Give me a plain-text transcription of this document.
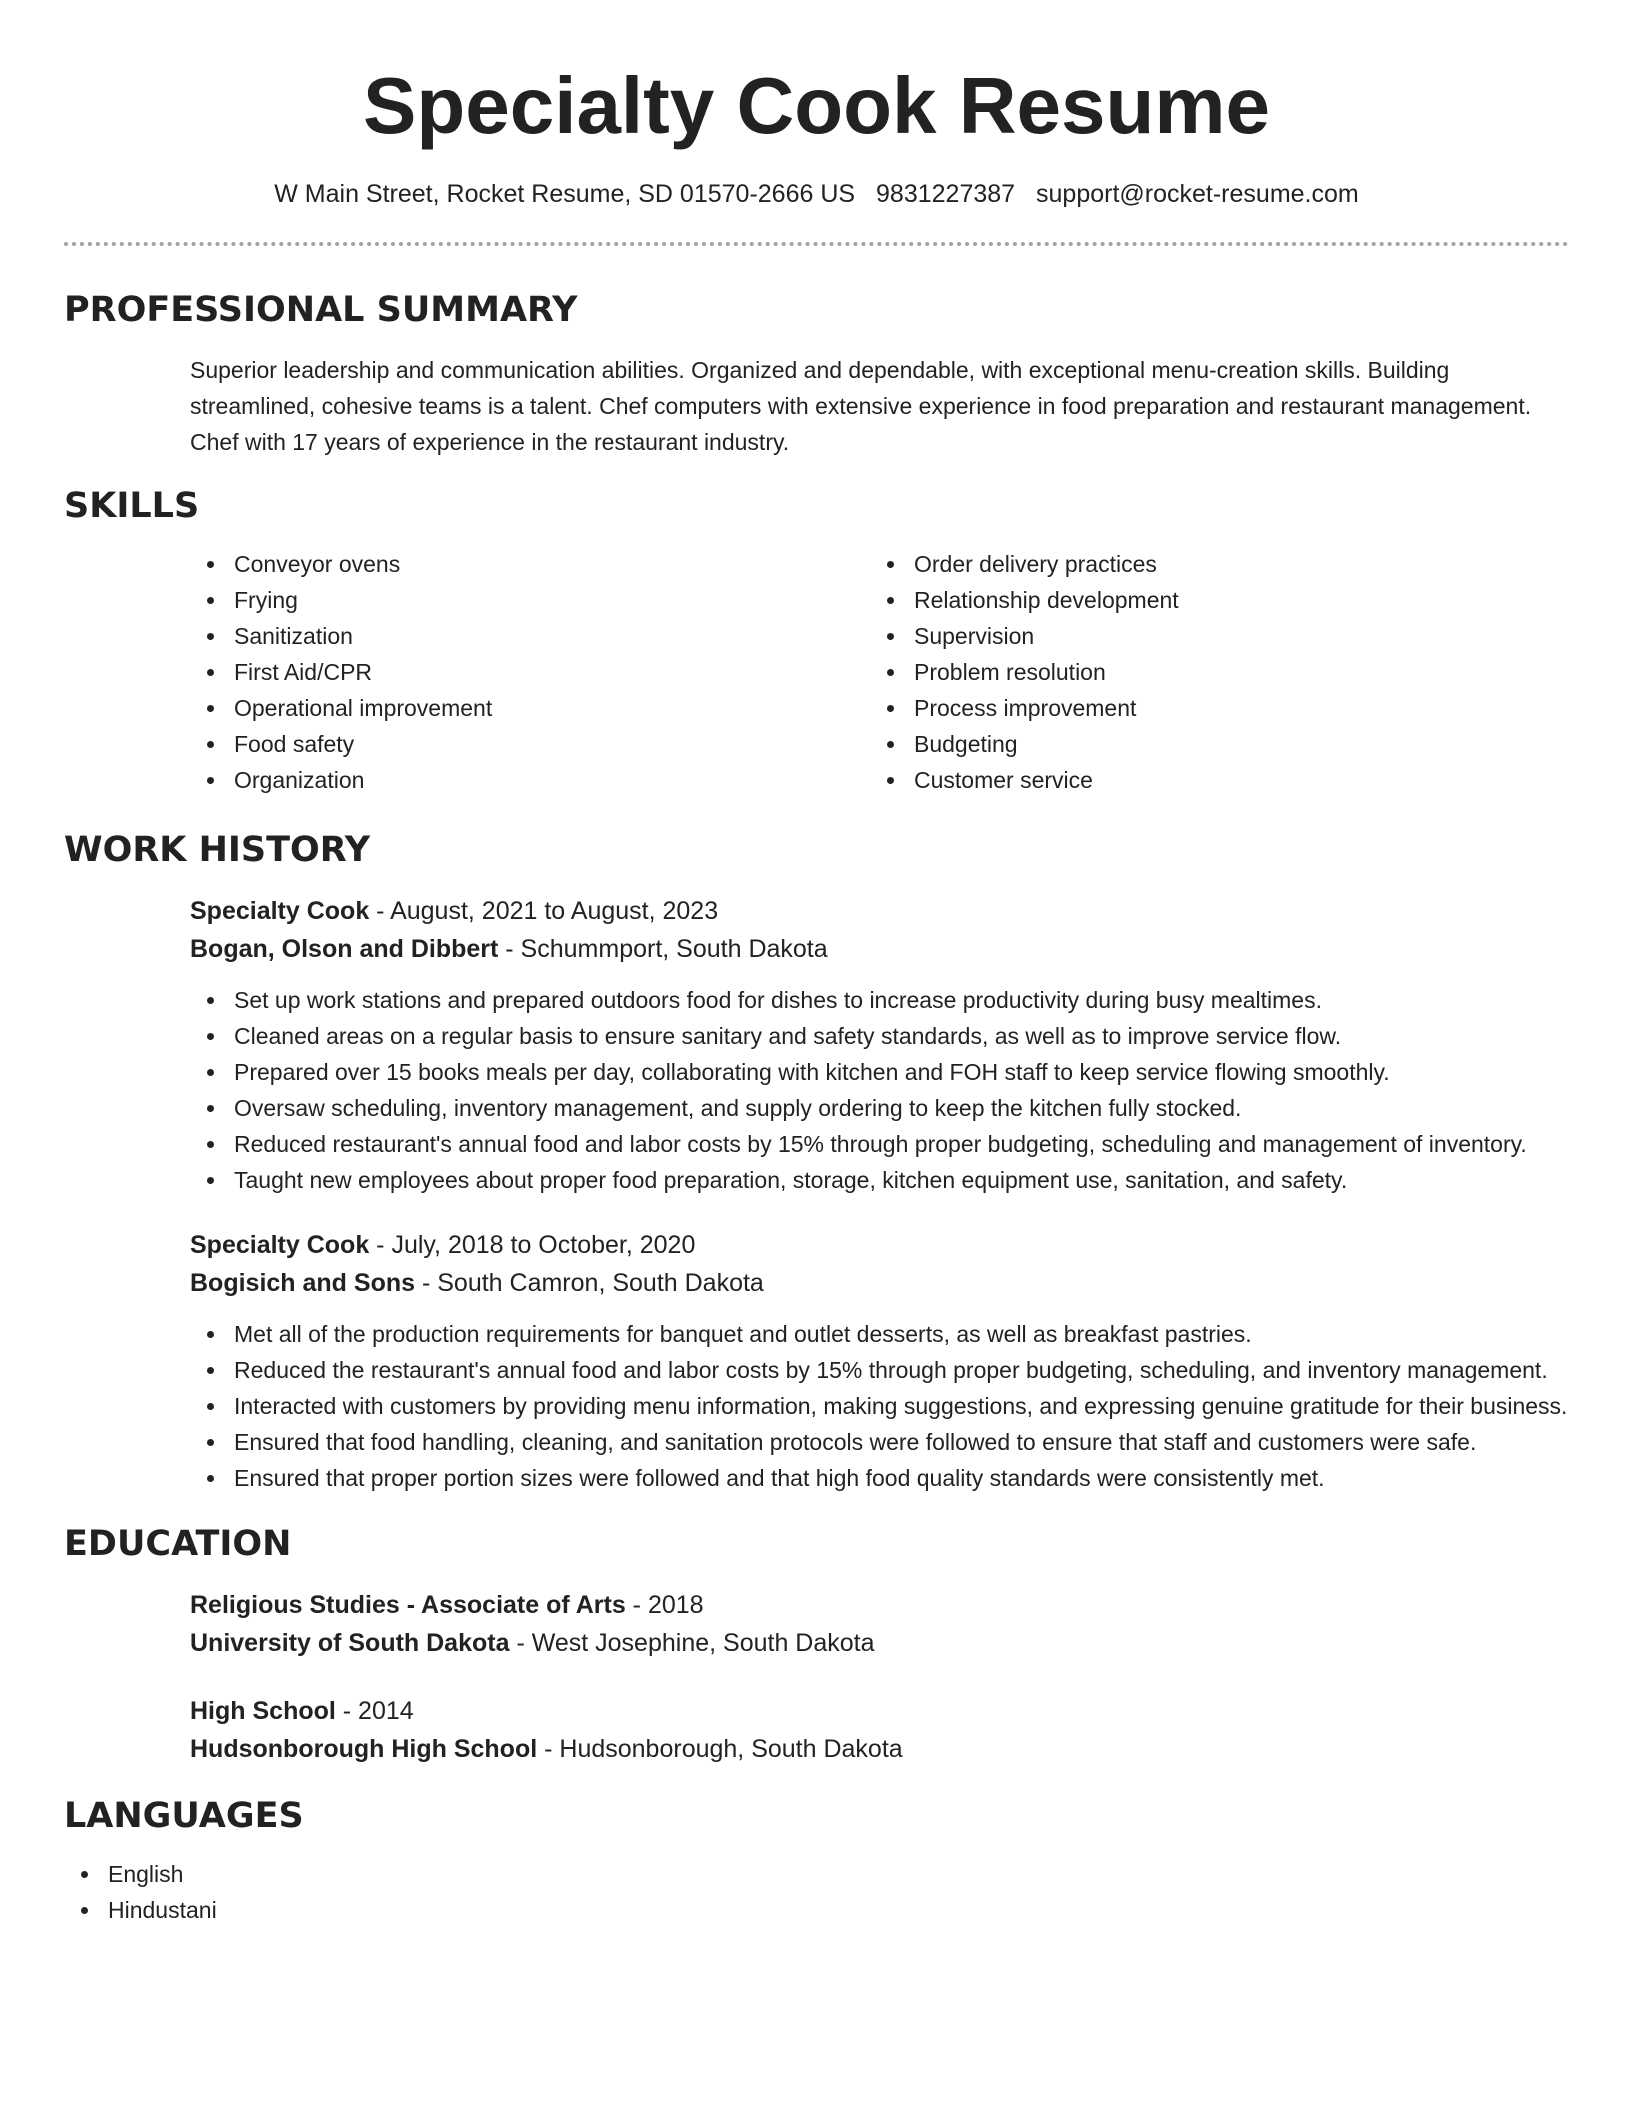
Specialty Cook Resume
W Main Street, Rocket Resume, SD 01570-2666 US 9831227387 support@rocket-resume.com
PROFESSIONAL SUMMARY
Superior leadership and communication abilities. Organized and dependable, with exceptional menu-creation skills. Building streamlined, cohesive teams is a talent. Chef computers with extensive experience in food preparation and restaurant management. Chef with 17 years of experience in the restaurant industry.
SKILLS
Conveyor ovens
Frying
Sanitization
First Aid/CPR
Operational improvement
Food safety
Organization
Order delivery practices
Relationship development
Supervision
Problem resolution
Process improvement
Budgeting
Customer service
WORK HISTORY
Specialty Cook - August, 2021 to August, 2023
Bogan, Olson and Dibbert - Schummport, South Dakota
Set up work stations and prepared outdoors food for dishes to increase productivity during busy mealtimes.
Cleaned areas on a regular basis to ensure sanitary and safety standards, as well as to improve service flow.
Prepared over 15 books meals per day, collaborating with kitchen and FOH staff to keep service flowing smoothly.
Oversaw scheduling, inventory management, and supply ordering to keep the kitchen fully stocked.
Reduced restaurant's annual food and labor costs by 15% through proper budgeting, scheduling and management of inventory.
Taught new employees about proper food preparation, storage, kitchen equipment use, sanitation, and safety.
Specialty Cook - July, 2018 to October, 2020
Bogisich and Sons - South Camron, South Dakota
Met all of the production requirements for banquet and outlet desserts, as well as breakfast pastries.
Reduced the restaurant's annual food and labor costs by 15% through proper budgeting, scheduling, and inventory management.
Interacted with customers by providing menu information, making suggestions, and expressing genuine gratitude for their business.
Ensured that food handling, cleaning, and sanitation protocols were followed to ensure that staff and customers were safe.
Ensured that proper portion sizes were followed and that high food quality standards were consistently met.
EDUCATION
Religious Studies - Associate of Arts - 2018
University of South Dakota - West Josephine, South Dakota
High School - 2014
Hudsonborough High School - Hudsonborough, South Dakota
LANGUAGES
English
Hindustani
